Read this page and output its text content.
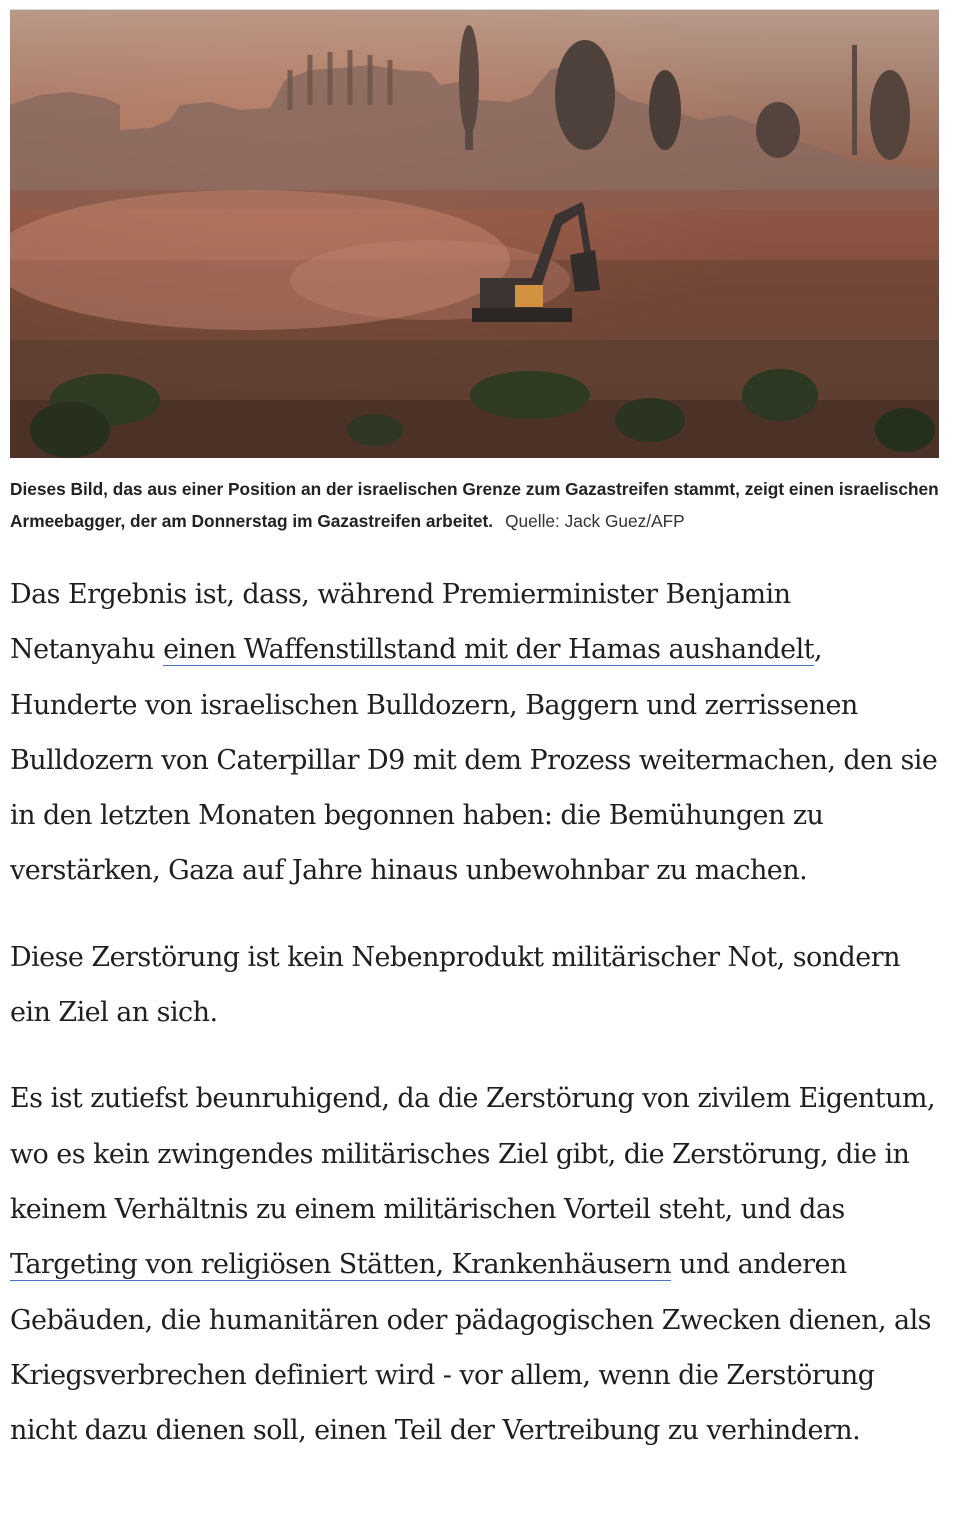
Dieses Bild, das aus einer Position an der israelischen Grenze zum Gazastreifen stammt, zeigt einen israelischen Armeebagger, der am Donnerstag im Gazastreifen arbeitet. Quelle: Jack Guez/AFP

Das Ergebnis ist, dass, während Premierminister Benjamin Netanyahu einen Waffenstillstand mit der Hamas aushandelt, Hunderte von israelischen Bulldozern, Baggern und zerrissenen Bulldozern von Caterpillar D9 mit dem Prozess weitermachen, den sie in den letzten Monaten begonnen haben: die Bemühungen zu verstärken, Gaza auf Jahre hinaus unbewohnbar zu machen.

Diese Zerstörung ist kein Nebenprodukt militärischer Not, sondern ein Ziel an sich.

Es ist zutiefst beunruhigend, da die Zerstörung von zivilem Eigentum, wo es kein zwingendes militärisches Ziel gibt, die Zerstörung, die in keinem Verhältnis zu einem militärischen Vorteil steht, und das Targeting von religiösen Stätten, Krankenhäusern und anderen Gebäuden, die humanitären oder pädagogischen Zwecken dienen, als Kriegsverbrechen definiert wird - vor allem, wenn die Zerstörung nicht dazu dienen soll, einen Teil der Vertreibung zu verhindern.
